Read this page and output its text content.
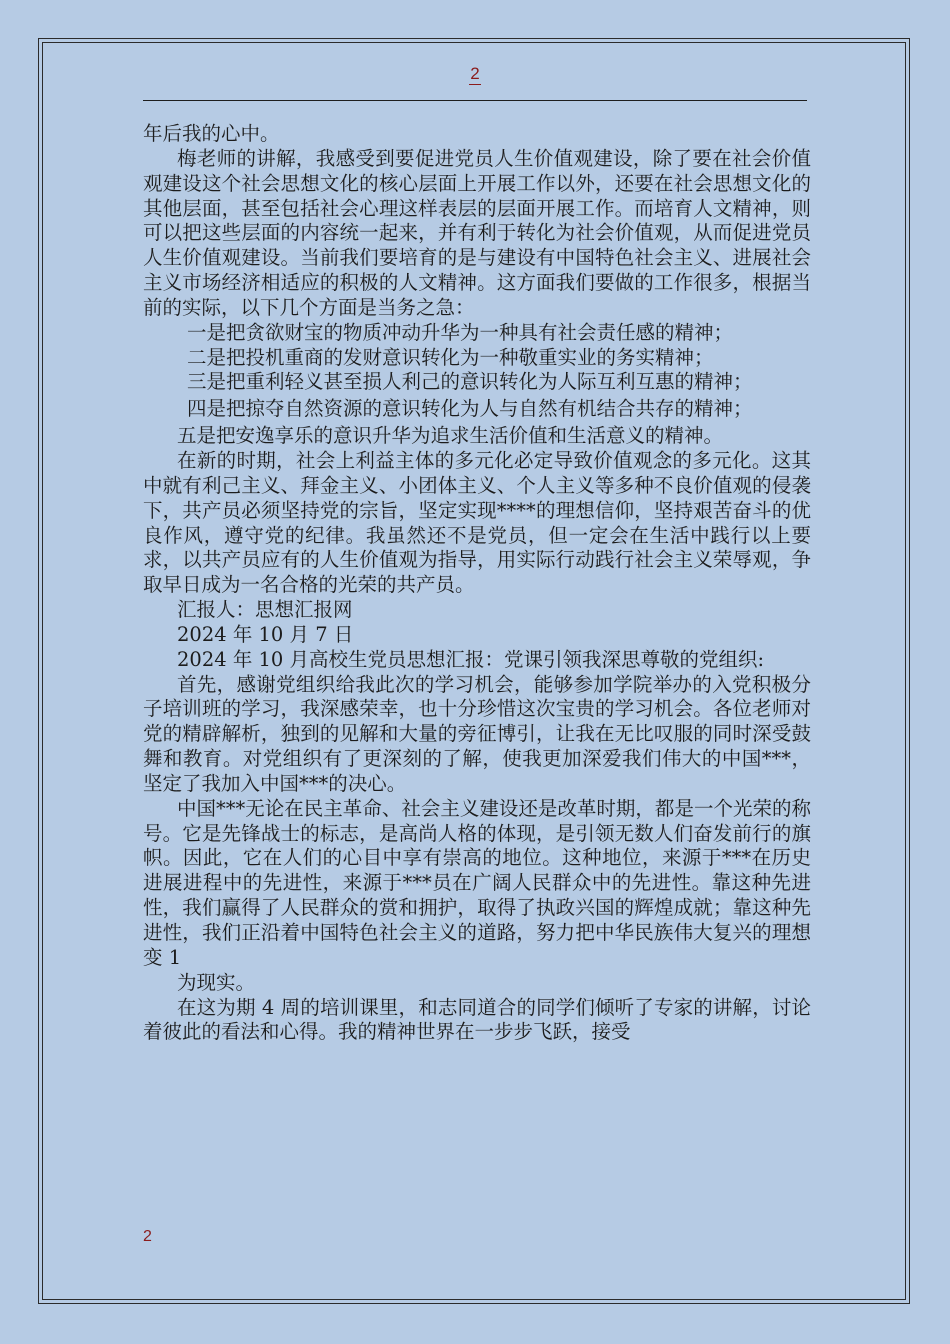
2

年后我的心中。

梅老师的讲解，我感受到要促进党员人生价值观建设，除了要在社会价值观建设这个社会思想文化的核心层面上开展工作以外，还要在社会思想文化的其他层面，甚至包括社会心理这样表层的层面开展工作。而培育人文精神，则可以把这些层面的内容统一起来，并有利于转化为社会价值观，从而促进党员人生价值观建设。当前我们要培育的是与建设有中国特色社会主义、进展社会主义市场经济相适应的积极的人文精神。这方面我们要做的工作很多，根据当前的实际，以下几个方面是当务之急：

一是把贪欲财宝的物质冲动升华为一种具有社会责任感的精神；

二是把投机重商的发财意识转化为一种敬重实业的务实精神；

三是把重利轻义甚至损人利己的意识转化为人际互利互惠的精神；

四是把掠夺自然资源的意识转化为人与自然有机结合共存的精神；

五是把安逸享乐的意识升华为追求生活价值和生活意义的精神。

在新的时期，社会上利益主体的多元化必定导致价值观念的多元化。这其中就有利己主义、拜金主义、小团体主义、个人主义等多种不良价值观的侵袭下，共产员必须坚持党的宗旨，坚定实现****的理想信仰，坚持艰苦奋斗的优良作风，遵守党的纪律。我虽然还不是党员，但一定会在生活中践行以上要求，以共产员应有的人生价值观为指导，用实际行动践行社会主义荣辱观，争取早日成为一名合格的光荣的共产员。

汇报人：思想汇报网

2024 年 10 月 7 日

2024 年 10 月高校生党员思想汇报：党课引领我深思尊敬的党组织:

首先，感谢党组织给我此次的学习机会，能够参加学院举办的入党积极分子培训班的学习，我深感荣幸，也十分珍惜这次宝贵的学习机会。各位老师对党的精辟解析，独到的见解和大量的旁征博引，让我在无比叹服的同时深受鼓舞和教育。对党组织有了更深刻的了解，使我更加深爱我们伟大的中国***，坚定了我加入中国***的决心。

中国***无论在民主革命、社会主义建设还是改革时期，都是一个光荣的称号。它是先锋战士的标志，是高尚人格的体现，是引领无数人们奋发前行的旗帜。因此，它在人们的心目中享有崇高的地位。这种地位，来源于***在历史进展进程中的先进性，来源于***员在广阔人民群众中的先进性。靠这种先进性，我们赢得了人民群众的赏和拥护，取得了执政兴国的辉煌成就；靠这种先进性，我们正沿着中国特色社会主义的道路，努力把中华民族伟大复兴的理想变 1

为现实。

在这为期 4 周的培训课里，和志同道合的同学们倾听了专家的讲解，讨论着彼此的看法和心得。我的精神世界在一步步飞跃，接受

2
